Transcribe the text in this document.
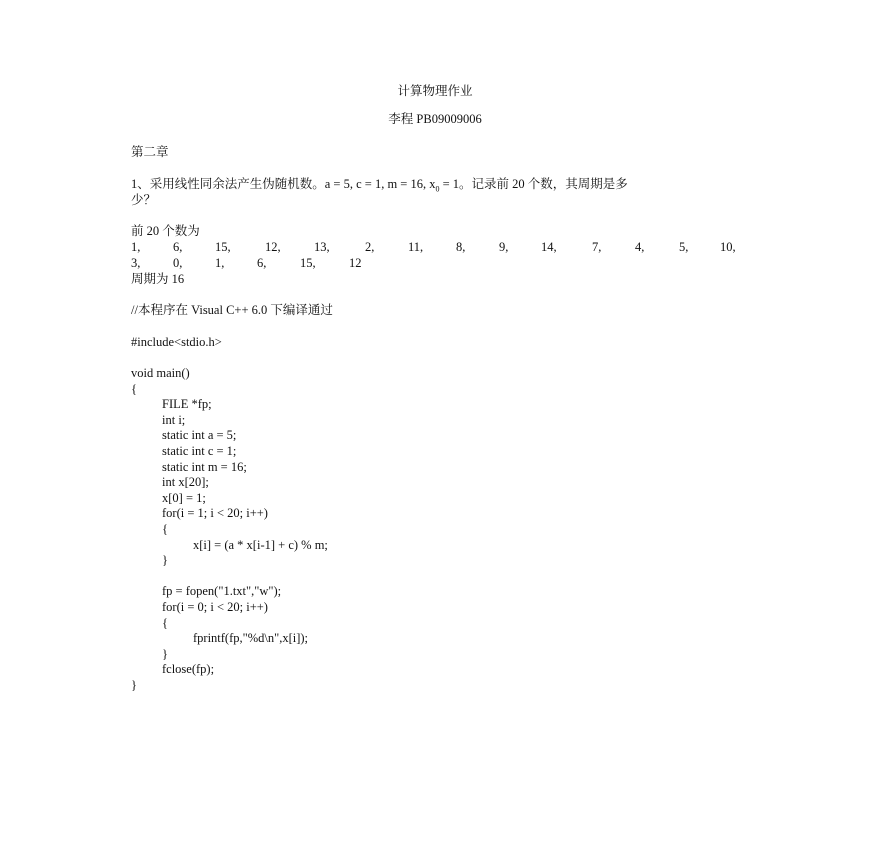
计算物理作业
李程 PB09009006
第二章
1、采用线性同余法产生伪随机数。a = 5, c = 1, m = 16, $x_0 = 1$。记录前 20 个数，其周期是多
少？
前 20 个数为
1,	6,	15,	12,	13,	2,	11,	8,	9,	14,	7,	4,	5,	10,
3,	0,	1,	6,	15,	12
周期为 16
//本程序在 Visual C++ 6.0 下编译通过
#include<stdio.h>
void main()
{
FILE *fp;
int i;
static int a = 5;
static int c = 1;
static int m = 16;
int x[20];
x[0] = 1;
for(i = 1; i < 20; i++)
{
x[i] = (a * x[i-1] + c) % m;
}
fp = fopen("1.txt","w");
for(i = 0; i < 20; i++)
{
fprintf(fp,"%d\n",x[i]);
}
fclose(fp);
}
